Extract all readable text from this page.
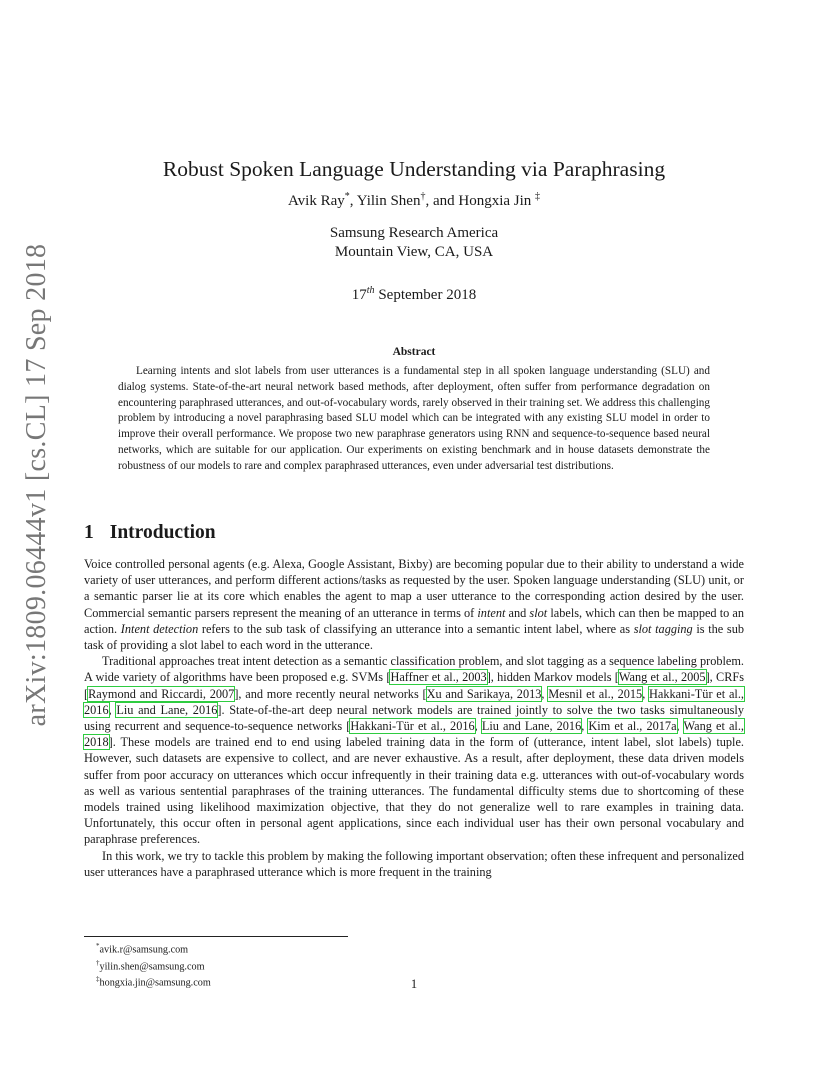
arXiv:1809.06444v1 [cs.CL] 17 Sep 2018
Robust Spoken Language Understanding via Paraphrasing
Avik Ray*, Yilin Shen†, and Hongxia Jin ‡
Samsung Research America
Mountain View, CA, USA
17th September 2018
Abstract

Learning intents and slot labels from user utterances is a fundamental step in all spoken language understanding (SLU) and dialog systems. State-of-the-art neural network based methods, after deployment, often suffer from performance degradation on encountering paraphrased utterances, and out-of-vocabulary words, rarely observed in their training set. We address this challenging problem by introducing a novel paraphrasing based SLU model which can be integrated with any existing SLU model in order to improve their overall performance. We propose two new paraphrase generators using RNN and sequence-to-sequence based neural networks, which are suitable for our application. Our experiments on existing benchmark and in house datasets demonstrate the robustness of our models to rare and complex paraphrased utterances, even under adversarial test distributions.

1 Introduction

Voice controlled personal agents (e.g. Alexa, Google Assistant, Bixby) are becoming popular due to their ability to understand a wide variety of user utterances, and perform different actions/tasks as requested by the user. Spoken language understanding (SLU) unit, or a semantic parser lie at its core which enables the agent to map a user utterance to the corresponding action desired by the user. Commercial semantic parsers represent the meaning of an utterance in terms of intent and slot labels, which can then be mapped to an action. Intent detection refers to the sub task of classifying an utterance into a semantic intent label, where as slot tagging is the sub task of providing a slot label to each word in the utterance.

Traditional approaches treat intent detection as a semantic classification problem, and slot tagging as a sequence labeling problem. A wide variety of algorithms have been proposed e.g. SVMs [Haffner et al., 2003], hidden Markov models [Wang et al., 2005], CRFs [Raymond and Riccardi, 2007], and more recently neural networks [Xu and Sarikaya, 2013, Mesnil et al., 2015, Hakkani-Tür et al., 2016, Liu and Lane, 2016]. State-of-the-art deep neural network models are trained jointly to solve the two tasks simultaneously using recurrent and sequence-to-sequence networks [Hakkani-Tür et al., 2016, Liu and Lane, 2016, Kim et al., 2017a, Wang et al., 2018]. These models are trained end to end using labeled training data in the form of (utterance, intent label, slot labels) tuple. However, such datasets are expensive to collect, and are never exhaustive. As a result, after deployment, these data driven models suffer from poor accuracy on utterances which occur infrequently in their training data e.g. utterances with out-of-vocabulary words as well as various sentential paraphrases of the training utterances. The fundamental difficulty stems due to shortcoming of these models trained using likelihood maximization objective, that they do not generalize well to rare examples in training data. Unfortunately, this occur often in personal agent applications, since each individual user has their own personal vocabulary and paraphrase preferences.

In this work, we try to tackle this problem by making the following important observation; often these infrequent and personalized user utterances have a paraphrased utterance which is more frequent in the training

*avik.r@samsung.com
†yilin.shen@samsung.com
‡hongxia.jin@samsung.com	1
